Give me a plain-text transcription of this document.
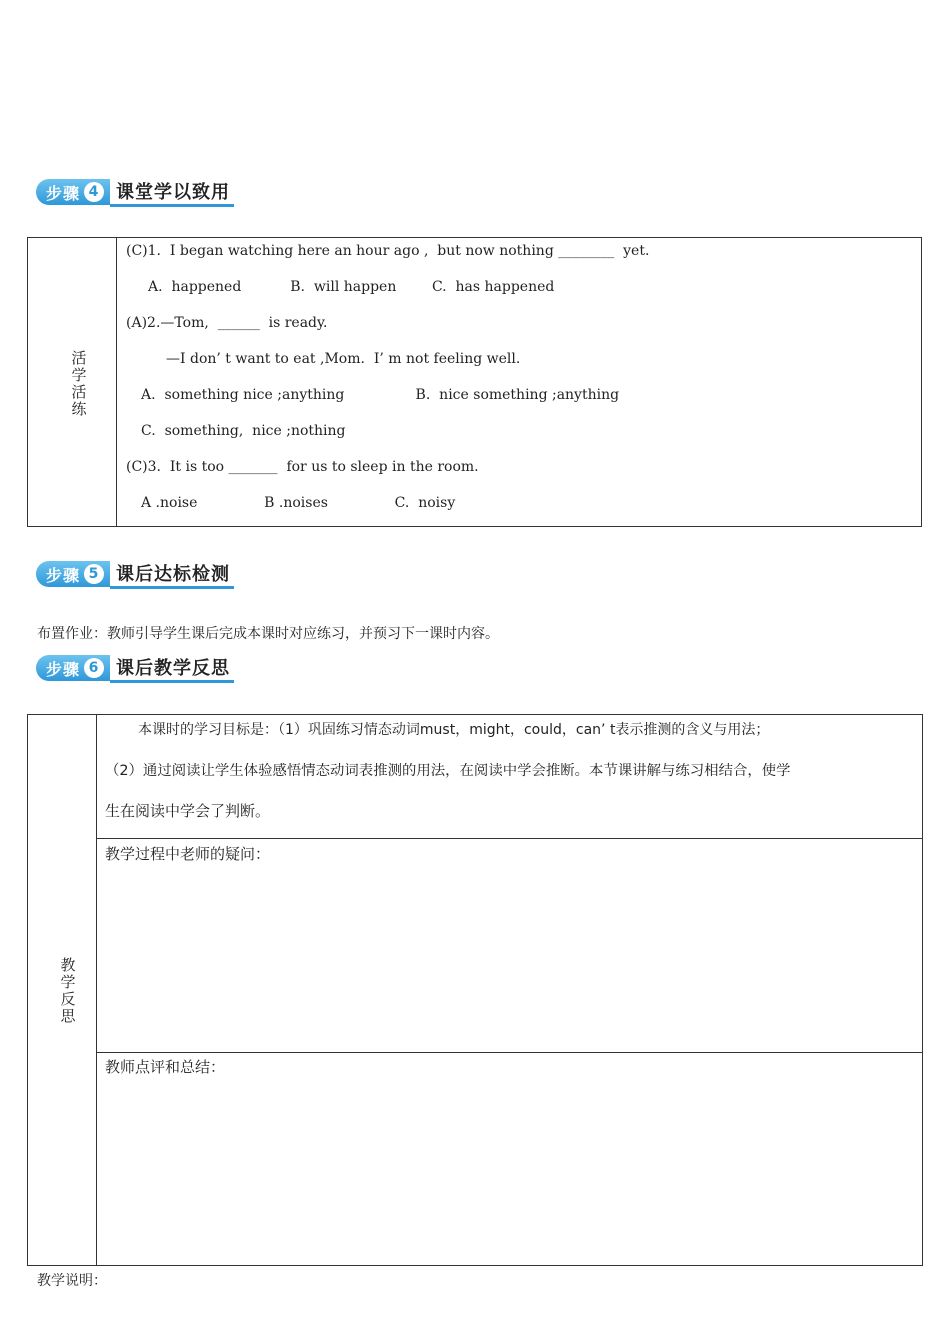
步骤 4 课堂学以致用
活学活练
(C)1.  I began watching here an hour ago ,  but now nothing ________  yet.
A.  happened           B.  will happen        C.  has happened
(A)2.—Tom,  ______  is ready.
—I don’ t want to eat ,Mom.  I’ m not feeling well.
A.  something nice ;anything                B.  nice something ;anything
C.  something,  nice ;nothing
(C)3.  It is too _______  for us to sleep in the room.
A .noise               B .noises               C.  noisy
步骤 5 课后达标检测
布置作业：教师引导学生课后完成本课时对应练习，并预习下一课时内容。
步骤 6 课后教学反思
教学反思
本课时的学习目标是：（1）巩固练习情态动词must，might，could，can’ t表示推测的含义与用法；
（2）通过阅读让学生体验感悟情态动词表推测的用法，在阅读中学会推断。本节课讲解与练习相结合，使学
生在阅读中学会了判断。
教学过程中老师的疑问：
教师点评和总结：
教学说明：
